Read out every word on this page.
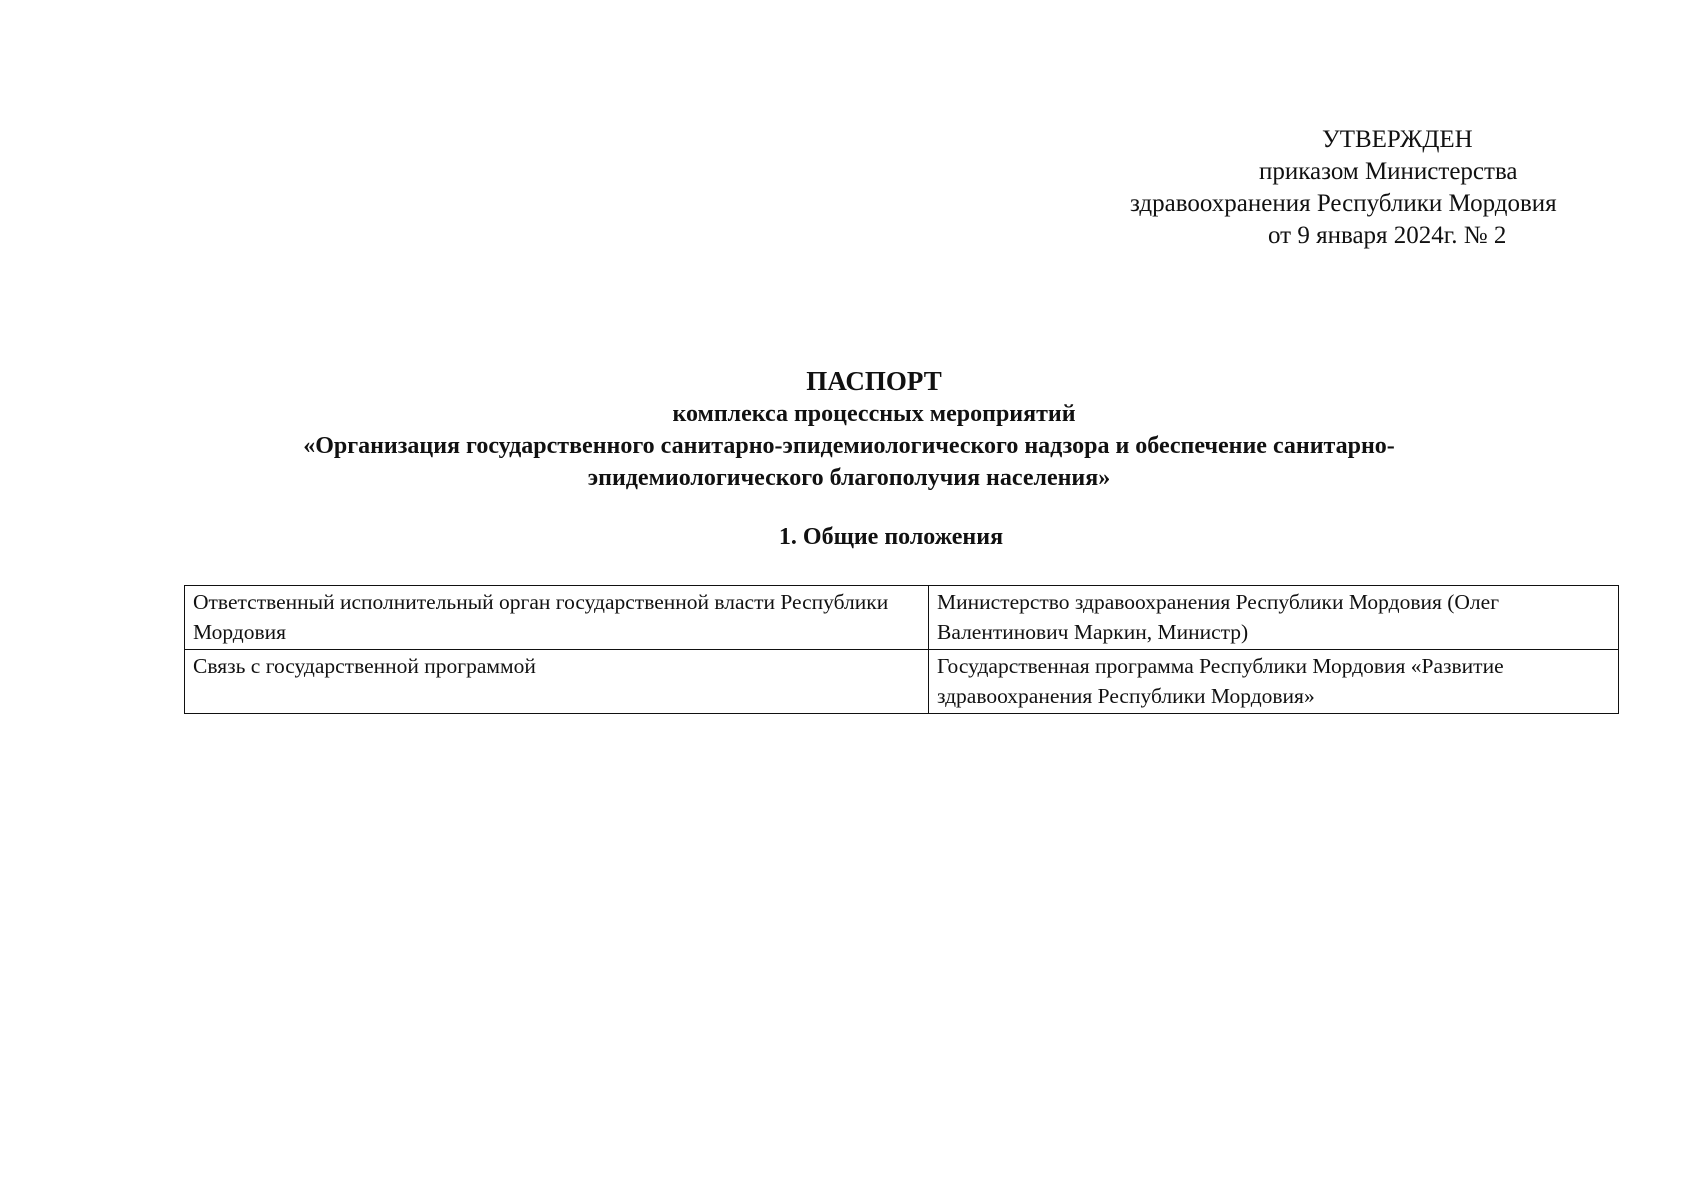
УТВЕРЖДЕН
приказом Министерства
здравоохранения Республики Мордовия
от 9 января 2024г. № 2
ПАСПОРТ
комплекса процессных мероприятий
«Организация государственного санитарно-эпидемиологического надзора и обеспечение санитарно-
эпидемиологического благополучия населения»
1. Общие положения
Ответственный исполнительный орган государственной власти Республики Мордовия	Министерство здравоохранения Республики Мордовия (Олег Валентинович Маркин, Министр)
Связь с государственной программой	Государственная программа Республики Мордовия «Развитие здравоохранения Республики Мордовия»
